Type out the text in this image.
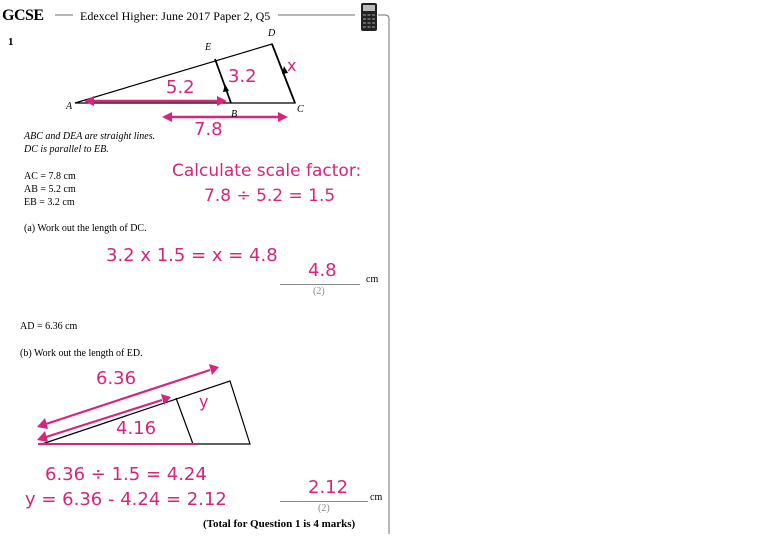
GCSE	Edexcel Higher: June 2017 Paper 2, Q5
1
D
E
A
B	C
5.2
3.2
x
7.8
ABC and DEA are straight lines.
DC is parallel to EB.
AC = 7.8 cm
AB = 5.2 cm
EB = 3.2 cm
Calculate scale factor:
7.8 ÷ 5.2 = 1.5
(a) Work out the length of DC.
3.2 x 1.5 = x = 4.8
4.8	cm
(2)
AD = 6.36 cm
(b) Work out the length of ED.
6.36
4.16
y
6.36 ÷ 1.5 = 4.24
y = 6.36 - 4.24 = 2.12
2.12 cm
(2)
(Total for Question 1 is 4 marks)
